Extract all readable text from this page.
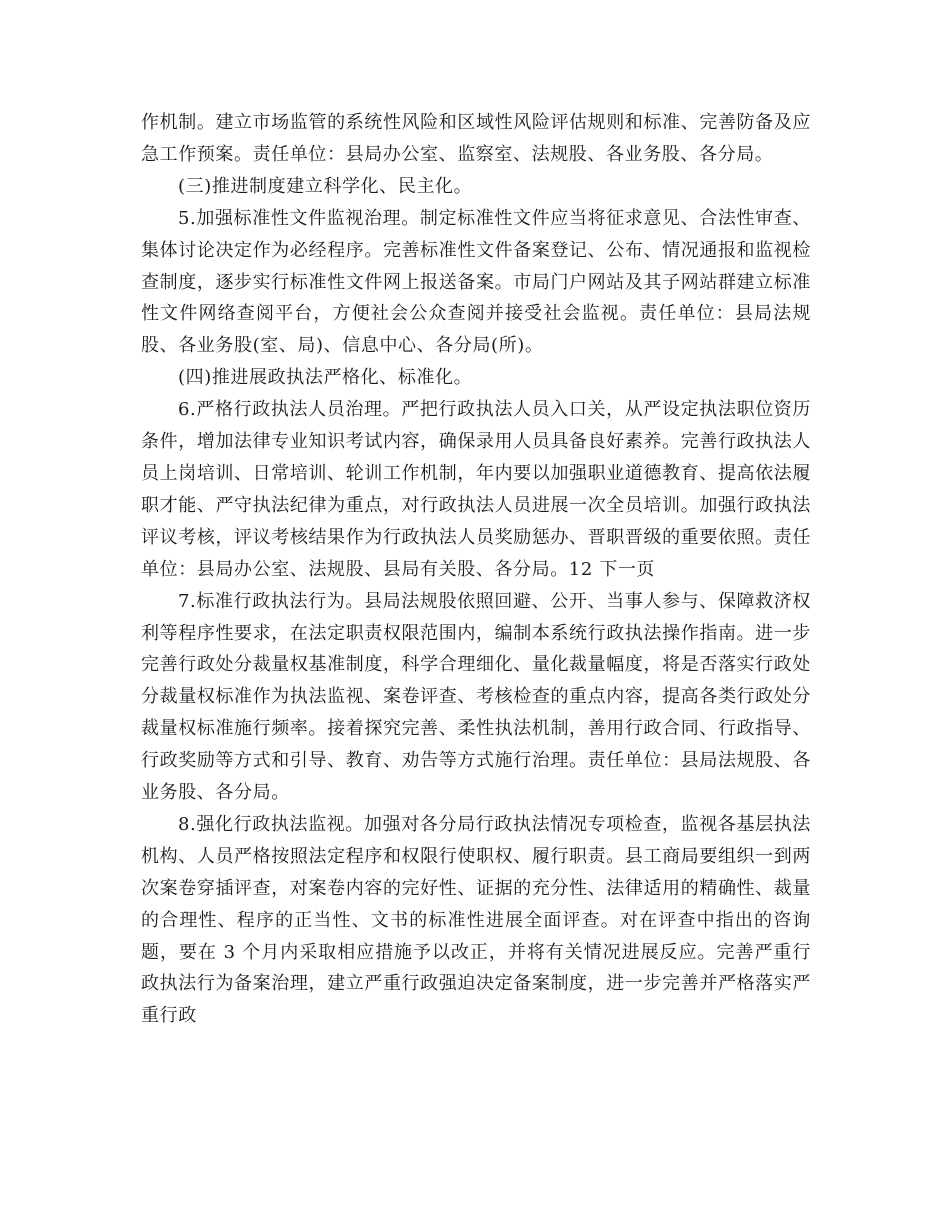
作机制。建立市场监管的系统性风险和区域性风险评估规则和标准、完善防备及应急工作预案。责任单位：县局办公室、监察室、法规股、各业务股、各分局。

(三)推进制度建立科学化、民主化。

5.加强标准性文件监视治理。制定标准性文件应当将征求意见、合法性审查、集体讨论决定作为必经程序。完善标准性文件备案登记、公布、情况通报和监视检查制度，逐步实行标准性文件网上报送备案。市局门户网站及其子网站群建立标准性文件网络查阅平台，方便社会公众查阅并接受社会监视。责任单位：县局法规股、各业务股(室、局)、信息中心、各分局(所)。

(四)推进展政执法严格化、标准化。

6.严格行政执法人员治理。严把行政执法人员入口关，从严设定执法职位资历条件，增加法律专业知识考试内容，确保录用人员具备良好素养。完善行政执法人员上岗培训、日常培训、轮训工作机制，年内要以加强职业道德教育、提高依法履职才能、严守执法纪律为重点，对行政执法人员进展一次全员培训。加强行政执法评议考核，评议考核结果作为行政执法人员奖励惩办、晋职晋级的重要依照。责任单位：县局办公室、法规股、县局有关股、各分局。12 下一页

7.标准行政执法行为。县局法规股依照回避、公开、当事人参与、保障救济权利等程序性要求，在法定职责权限范围内，编制本系统行政执法操作指南。进一步完善行政处分裁量权基准制度，科学合理细化、量化裁量幅度，将是否落实行政处分裁量权标准作为执法监视、案卷评查、考核检查的重点内容，提高各类行政处分裁量权标准施行频率。接着探究完善、柔性执法机制，善用行政合同、行政指导、行政奖励等方式和引导、教育、劝告等方式施行治理。责任单位：县局法规股、各业务股、各分局。

8.强化行政执法监视。加强对各分局行政执法情况专项检查，监视各基层执法机构、人员严格按照法定程序和权限行使职权、履行职责。县工商局要组织一到两次案卷穿插评查，对案卷内容的完好性、证据的充分性、法律适用的精确性、裁量的合理性、程序的正当性、文书的标准性进展全面评查。对在评查中指出的咨询题，要在 3 个月内采取相应措施予以改正，并将有关情况进展反应。完善严重行政执法行为备案治理，建立严重行政强迫决定备案制度，进一步完善并严格落实严重行政
